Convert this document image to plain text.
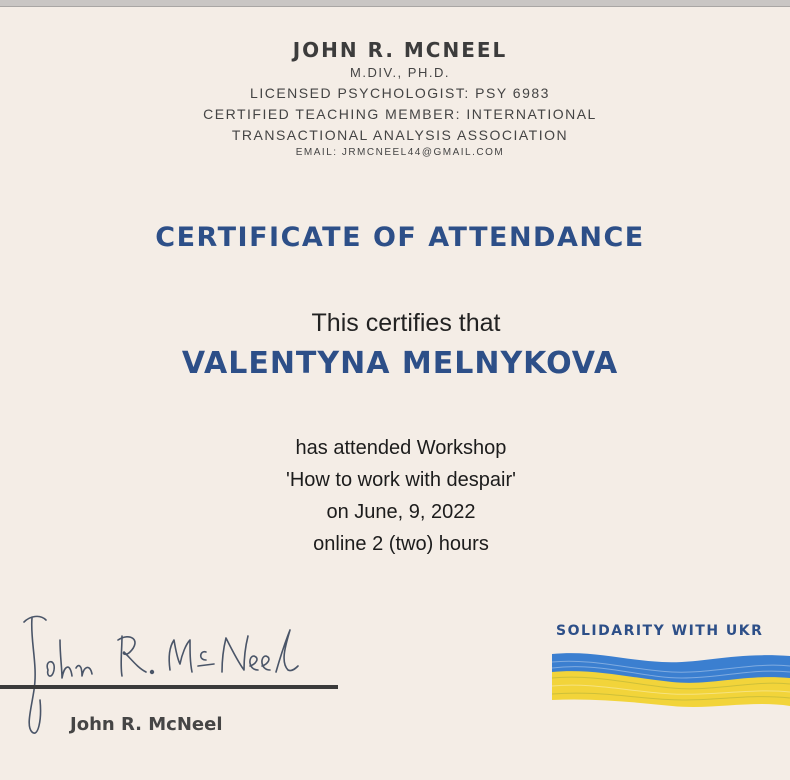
JOHN R. MCNEEL
M.DIV., PH.D.
LICENSED PSYCHOLOGIST: PSY 6983
CERTIFIED TEACHING MEMBER: INTERNATIONAL
TRANSACTIONAL ANALYSIS ASSOCIATION
EMAIL: JRMCNEEL44@GMAIL.COM
CERTIFICATE OF ATTENDANCE
This certifies that
VALENTYNA MELNYKOVA
has attended Workshop
'How to work with despair'
on June, 9, 2022
online 2 (two) hours
John R. McNeel
SOLIDARITY WITH UKR
